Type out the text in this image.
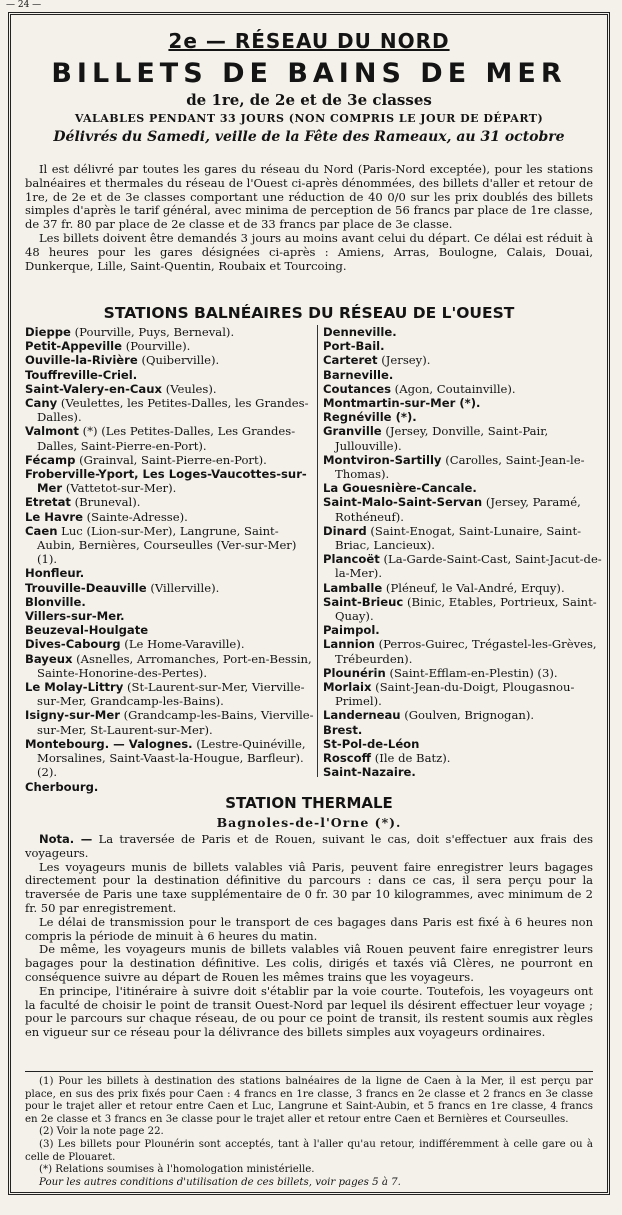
— 24 —
2e — RÉSEAU DU NORD
BILLETS DE BAINS DE MER
de 1re, de 2e et de 3e classes
VALABLES PENDANT 33 JOURS (NON COMPRIS LE JOUR DE DÉPART)
Délivrés du Samedi, veille de la Fête des Rameaux, au 31 octobre

Il est délivré par toutes les gares du réseau du Nord (Paris-Nord exceptée), pour les stations balnéaires et thermales du réseau de l'Ouest ci-après dénommées, des billets d'aller et retour de 1re, de 2e et de 3e classes comportant une réduction de 40 0/0 sur les prix doublés des billets simples d'après le tarif général, avec minima de perception de 56 francs par place de 1re classe, de 37 fr. 80 par place de 2e classe et de 33 francs par place de 3e classe.

Les billets doivent être demandés 3 jours au moins avant celui du départ. Ce délai est réduit à 48 heures pour les gares désignées ci-après : Amiens, Arras, Boulogne, Calais, Douai, Dunkerque, Lille, Saint-Quentin, Roubaix et Tourcoing.

STATIONS BALNÉAIRES DU RÉSEAU DE L'OUEST

Dieppe (Pourville, Puys, Berneval).

Petit-Appeville (Pourville).

Ouville-la-Rivière (Quiberville).

Touffreville-Criel.

Saint-Valery-en-Caux (Veules).

Cany (Veulettes, les Petites-Dalles, les Grandes-Dalles).

Valmont (*) (Les Petites-Dalles, Les Grandes-Dalles, Saint-Pierre-en-Port).

Fécamp (Grainval, Saint-Pierre-en-Port).

Froberville-Yport, Les Loges-Vaucottes-sur-Mer (Vattetot-sur-Mer).

Etretat (Bruneval).

Le Havre (Sainte-Adresse).

Caen Luc (Lion-sur-Mer), Langrune, Saint-Aubin, Bernières, Courseulles (Ver-sur-Mer) (1).

Honfleur.

Trouville-Deauville (Villerville).

Blonville.

Villers-sur-Mer.

Beuzeval-Houlgate

Dives-Cabourg (Le Home-Varaville).

Bayeux (Asnelles, Arromanches, Port-en-Bessin, Sainte-Honorine-des-Pertes).

Le Molay-Littry (St-Laurent-sur-Mer, Vierville-sur-Mer, Grandcamp-les-Bains).

Isigny-sur-Mer (Grandcamp-les-Bains, Vierville-sur-Mer, St-Laurent-sur-Mer).

Montebourg. — Valognes. (Lestre-Quinéville, Morsalines, Saint-Vaast-la-Hougue, Barfleur). (2).

Cherbourg.

Denneville.

Port-Bail.

Carteret (Jersey).

Barneville.

Coutances (Agon, Coutainville).

Montmartin-sur-Mer (*).

Regnéville (*).

Granville (Jersey, Donville, Saint-Pair, Jullouville).

Montviron-Sartilly (Carolles, Saint-Jean-le-Thomas).

La Gouesnière-Cancale.

Saint-Malo-Saint-Servan (Jersey, Paramé, Rothéneuf).

Dinard (Saint-Enogat, Saint-Lunaire, Saint-Briac, Lancieux).

Plancoët (La-Garde-Saint-Cast, Saint-Jacut-de-la-Mer).

Lamballe (Pléneuf, le Val-André, Erquy).

Saint-Brieuc (Binic, Etables, Portrieux, Saint-Quay).

Paimpol.

Lannion (Perros-Guirec, Trégastel-les-Grèves, Trébeurden).

Plounérin (Saint-Efflam-en-Plestin) (3).

Morlaix (Saint-Jean-du-Doigt, Plougasnou-Primel).

Landerneau (Goulven, Brignogan).

Brest.

St-Pol-de-Léon

Roscoff (Ile de Batz).

Saint-Nazaire.

STATION THERMALE
Bagnoles-de-l'Orne (*).

Nota. — La traversée de Paris et de Rouen, suivant le cas, doit s'effectuer aux frais des voyageurs.

Les voyageurs munis de billets valables viâ Paris, peuvent faire enregistrer leurs bagages directement pour la destination définitive du parcours : dans ce cas, il sera perçu pour la traversée de Paris une taxe supplémentaire de 0 fr. 30 par 10 kilogrammes, avec minimum de 2 fr. 50 par enregistrement.

Le délai de transmission pour le transport de ces bagages dans Paris est fixé à 6 heures non compris la période de minuit à 6 heures du matin.

De même, les voyageurs munis de billets valables viâ Rouen peuvent faire enregistrer leurs bagages pour la destination définitive. Les colis, dirigés et taxés viâ Clères, ne pourront en conséquence suivre au départ de Rouen les mêmes trains que les voyageurs.

En principe, l'itinéraire à suivre doit s'établir par la voie courte. Toutefois, les voyageurs ont la faculté de choisir le point de transit Ouest-Nord par lequel ils désirent effectuer leur voyage ; pour le parcours sur chaque réseau, de ou pour ce point de transit, ils restent soumis aux règles en vigueur sur ce réseau pour la délivrance des billets simples aux voyageurs ordinaires.

(1) Pour les billets à destination des stations balnéaires de la ligne de Caen à la Mer, il est perçu par place, en sus des prix fixés pour Caen : 4 francs en 1re classe, 3 francs en 2e classe et 2 francs en 3e classe pour le trajet aller et retour entre Caen et Luc, Langrune et Saint-Aubin, et 5 francs en 1re classe, 4 francs en 2e classe et 3 francs en 3e classe pour le trajet aller et retour entre Caen et Bernières et Courseulles.

(2) Voir la note page 22.

(3) Les billets pour Plounérin sont acceptés, tant à l'aller qu'au retour, indifféremment à celle gare ou à celle de Plouaret.

(*) Relations soumises à l'homologation ministérielle.

Pour les autres conditions d'utilisation de ces billets, voir pages 5 à 7.
